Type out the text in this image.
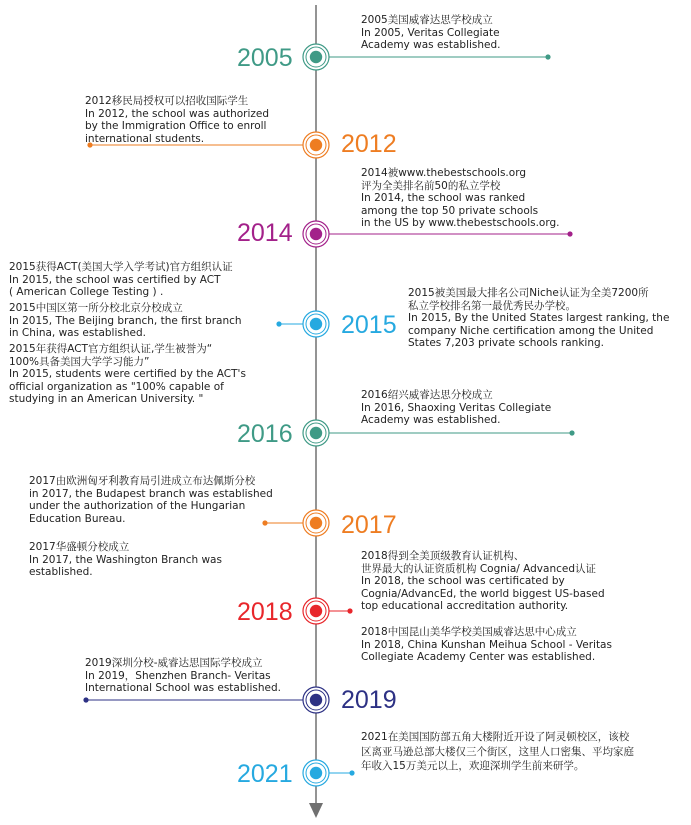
2005
2012
2014
2015
2016
2017
2018
2019
2021
2005美国威睿达思学校成立
In 2005, Veritas Collegiate
Academy was established.
2012移民局授权可以招收国际学生
In 2012, the school was authorized
by the Immigration Office to enroll
international students.
2014被www.thebestschools.org
评为全美排名前50的私立学校
In 2014, the school was ranked
among the top 50 private schools
in the US by www.thebestschools.org.
2015获得ACT(美国大学入学考试)官方组织认证
In 2015, the school was certified by ACT
( American College Testing ) .
2015中国区第一所分校北京分校成立
In 2015, The Beijing branch, the first branch
in China, was established.
2015年获得ACT官方组织认证,学生被誉为“
100%具备美国大学学习能力”
In 2015, students were certified by the ACT's
official organization as "100% capable of
studying in an American University. "
2015被美国最大排名公司Niche认证为全美7200所
私立学校排名第一最优秀民办学校。
In 2015, By the United States largest ranking, the
company Niche certification among the United
States 7,203 private schools ranking.
2016绍兴威睿达思分校成立
In 2016, Shaoxing Veritas Collegiate
Academy was established.
2017由欧洲匈牙利教育局引进成立布达佩斯分校
in 2017, the Budapest branch was established
under the authorization of the Hungarian
Education Bureau.
2017华盛顿分校成立
In 2017, the Washington Branch was
established.
2018得到全美顶级教育认证机构、
世界最大的认证资质机构 Cognia/ Advanced认证
In 2018, the school was certificated by
Cognia/AdvancEd, the world biggest US-based
top educational accreditation authority.
2018中国昆山美华学校美国威睿达思中心成立
In 2018, China Kunshan Meihua School - Veritas
Collegiate Academy Center was established.
2019深圳分校-威睿达思国际学校成立
In 2019，Shenzhen Branch- Veritas
International School was established.
2021在美国国防部五角大楼附近开设了阿灵顿校区，该校
区离亚马逊总部大楼仅三个街区，这里人口密集、平均家庭
年收入15万美元以上，欢迎深圳学生前来研学。
